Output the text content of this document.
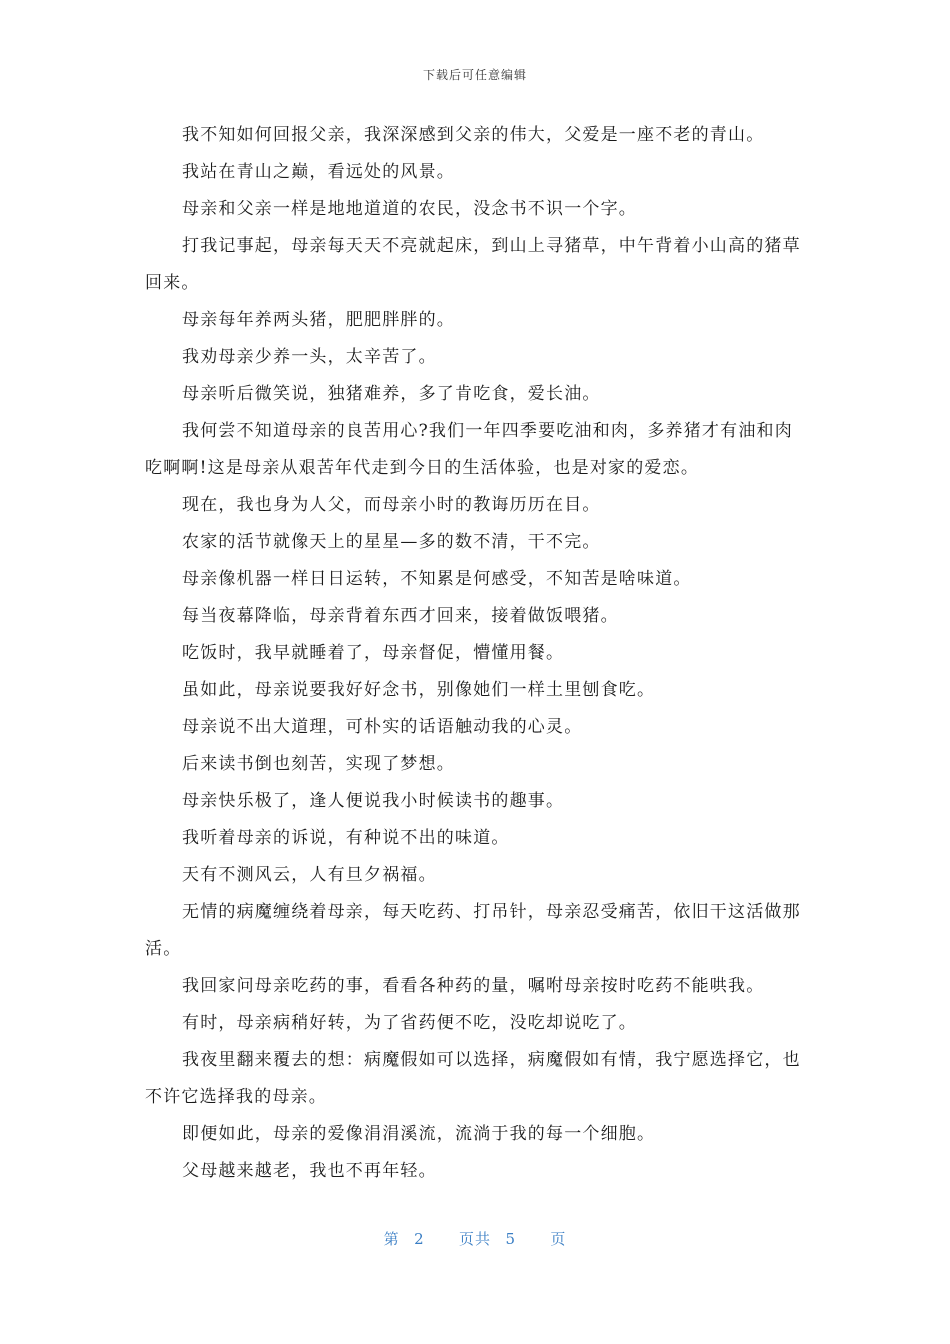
下载后可任意编辑

我不知如何回报父亲，我深深感到父亲的伟大，父爱是一座不老的青山。

我站在青山之巅，看远处的风景。

母亲和父亲一样是地地道道的农民，没念书不识一个字。

打我记事起，母亲每天天不亮就起床，到山上寻猪草，中午背着小山高的猪草回来。

母亲每年养两头猪，肥肥胖胖的。

我劝母亲少养一头，太辛苦了。

母亲听后微笑说，独猪难养，多了肯吃食，爱长油。

我何尝不知道母亲的良苦用心?我们一年四季要吃油和肉，多养猪才有油和肉吃啊啊!这是母亲从艰苦年代走到今日的生活体验，也是对家的爱恋。

现在，我也身为人父，而母亲小时的教诲历历在目。

农家的活节就像天上的星星—多的数不清，干不完。

母亲像机器一样日日运转，不知累是何感受，不知苦是啥味道。

每当夜幕降临，母亲背着东西才回来，接着做饭喂猪。

吃饭时，我早就睡着了，母亲督促，懵懂用餐。

虽如此，母亲说要我好好念书，别像她们一样土里刨食吃。

母亲说不出大道理，可朴实的话语触动我的心灵。

后来读书倒也刻苦，实现了梦想。

母亲快乐极了，逢人便说我小时候读书的趣事。

我听着母亲的诉说，有种说不出的味道。

天有不测风云，人有旦夕祸福。

无情的病魔缠绕着母亲，每天吃药、打吊针，母亲忍受痛苦，依旧干这活做那活。

我回家问母亲吃药的事，看看各种药的量，嘱咐母亲按时吃药不能哄我。

有时，母亲病稍好转，为了省药便不吃，没吃却说吃了。

我夜里翻来覆去的想：病魔假如可以选择，病魔假如有情，我宁愿选择它，也不许它选择我的母亲。

即便如此，母亲的爱像涓涓溪流，流淌于我的每一个细胞。

父母越来越老，我也不再年轻。

第 2 页共 5 页
